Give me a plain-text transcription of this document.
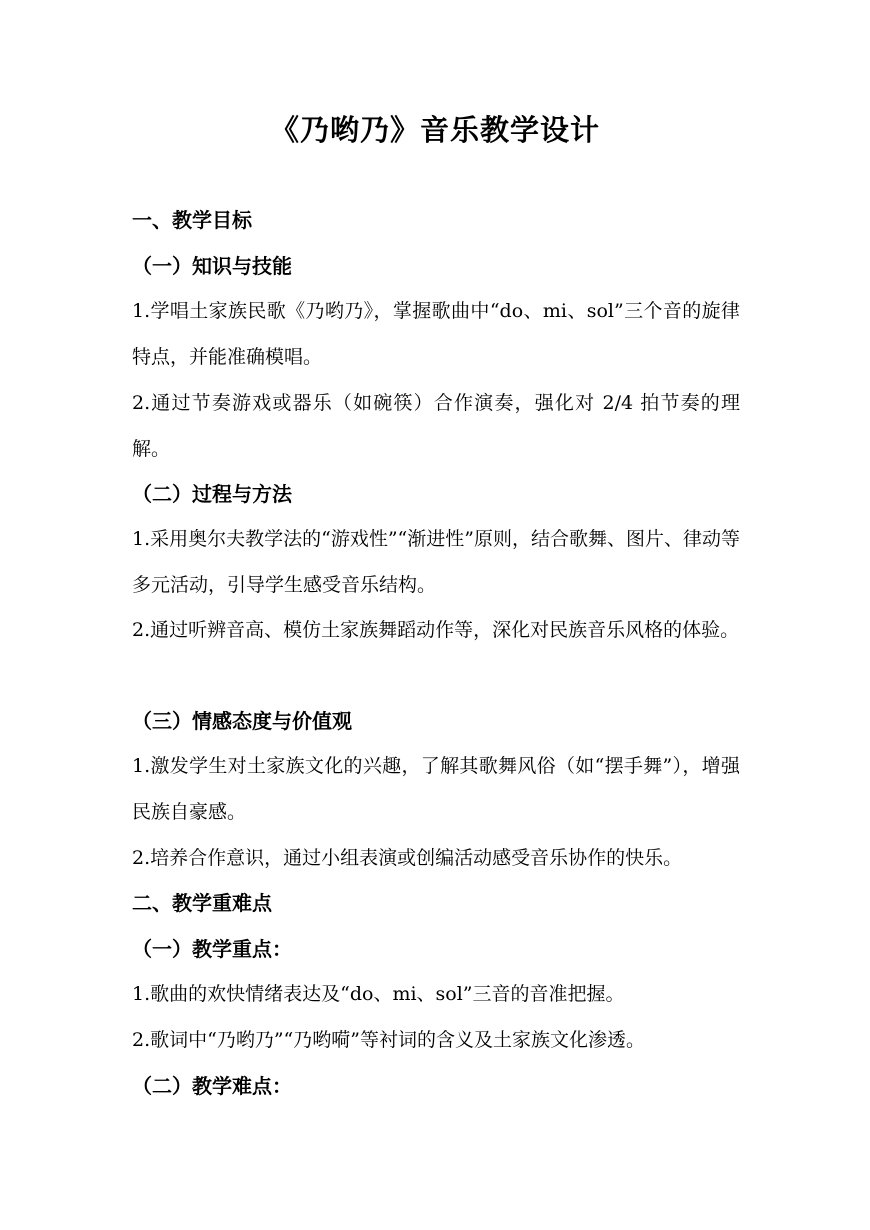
《乃哟乃》音乐教学设计
一、教学目标
（一）知识与技能
1.学唱土家族民歌《乃哟乃》，掌握歌曲中“do、mi、sol”三个音的旋律特点，并能准确模唱。
2.通过节奏游戏或器乐（如碗筷）合作演奏，强化对 2/4 拍节奏的理解。
（二）过程与方法
1.采用奥尔夫教学法的“游戏性”“渐进性”原则，结合歌舞、图片、律动等多元活动，引导学生感受音乐结构。
2.通过听辨音高、模仿土家族舞蹈动作等，深化对民族音乐风格的体验。
（三）情感态度与价值观
1.激发学生对土家族文化的兴趣，了解其歌舞风俗（如“摆手舞”），增强民族自豪感。
2.培养合作意识，通过小组表演或创编活动感受音乐协作的快乐。
二、教学重难点
（一）教学重点：
1.歌曲的欢快情绪表达及“do、mi、sol”三音的音准把握。
2.歌词中“乃哟乃”“乃哟嗬”等衬词的含义及土家族文化渗透。
（二）教学难点：
